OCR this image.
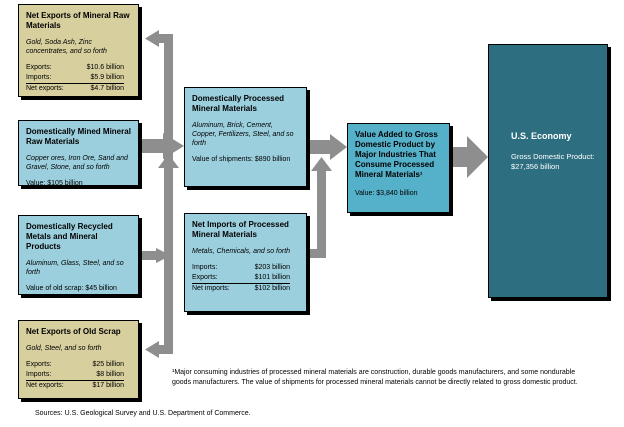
Net Exports of Mineral Raw Materials
Gold, Soda Ash, Zinc concentrates, and so forth
Exports:	$10.6 billion
Imports:	$5.9 billion
Net exports:	$4.7 billion
Domestically Mined Mineral Raw Materials
Copper ores, Iron Ore, Sand and Gravel, Stone, and so forth
Value: $105 billion
Domestically Recycled Metals and Mineral Products
Aluminum, Glass, Steel, and so forth
Value of old scrap: $45 billion
Net Exports of Old Scrap
Gold, Steel, and so forth
Exports:	$25 billion
Imports:	$8 billion
Net exports:	$17 billion
Domestically Processed Mineral Materials
Aluminum, Brick, Cement, Copper, Fertilizers, Steel, and so forth
Value of shipments: $890 billion
Net Imports of Processed Mineral Materials
Metals, Chemicals, and so forth
Imports:	$203 billion
Exports:	$101 billion
Net imports:	$102 billion
Value Added to Gross Domestic Product by Major Industries That Consume Processed Mineral Materials¹
Value: $3,840 billion
U.S. Economy
Gross Domestic Product: $27,356 billion
¹Major consuming industries of processed mineral materials are construction, durable goods manufacturers, and some nondurable goods manufacturers. The value of shipments for processed mineral materials cannot be directly related to gross domestic product.
Sources: U.S. Geological Survey and U.S. Department of Commerce.
